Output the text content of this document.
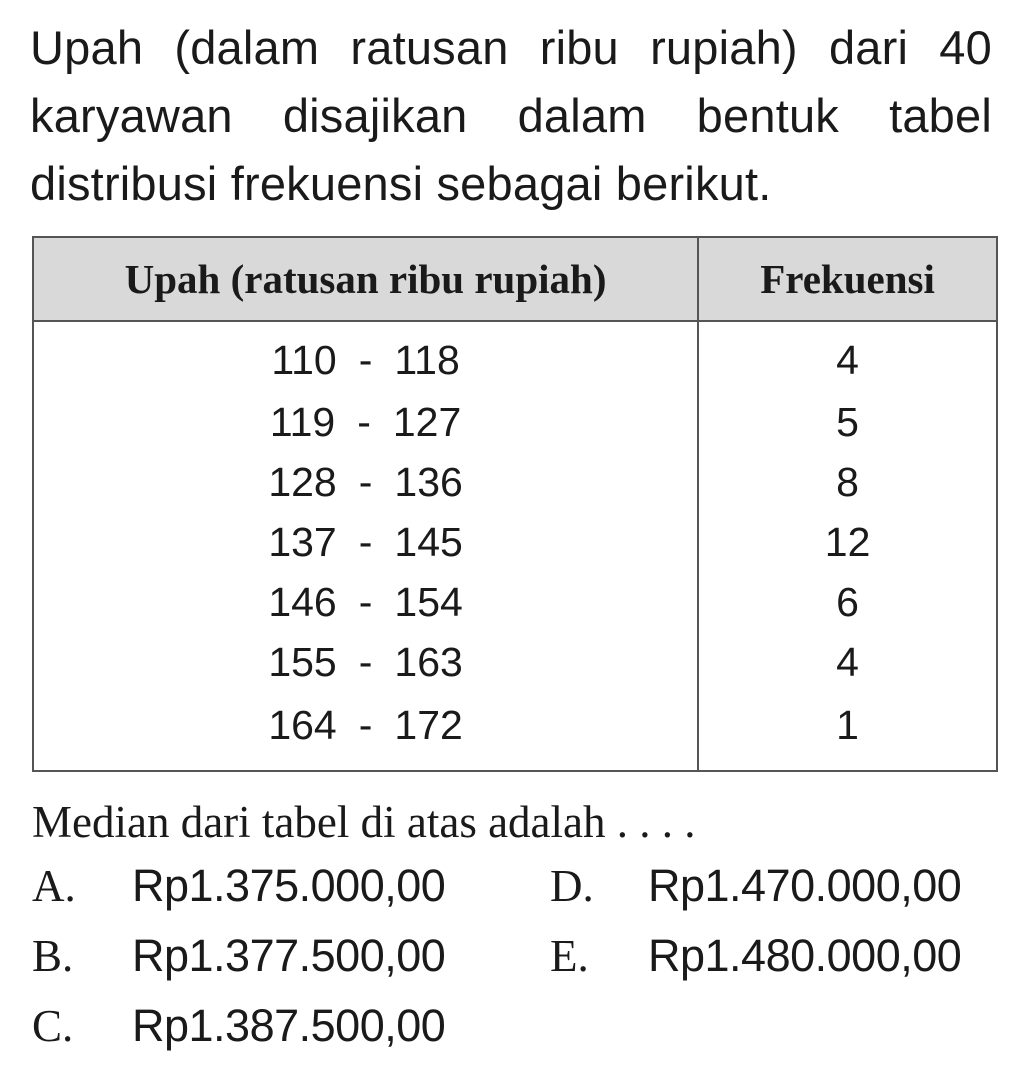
Upah (dalam ratusan ribu rupiah) dari 40 karyawan disajikan dalam bentuk tabel distribusi frekuensi sebagai berikut.

Upah (ratusan ribu rupiah)	Frekuensi
110 - 118	4
119 - 127	5
128 - 136	8
137 - 145	12
146 - 154	6
155 - 163	4
164 - 172	1
Median dari tabel di atas adalah . . . .
A. Rp1.375.000,00
B. Rp1.377.500,00
C. Rp1.387.500,00
D. Rp1.470.000,00
E. Rp1.480.000,00
